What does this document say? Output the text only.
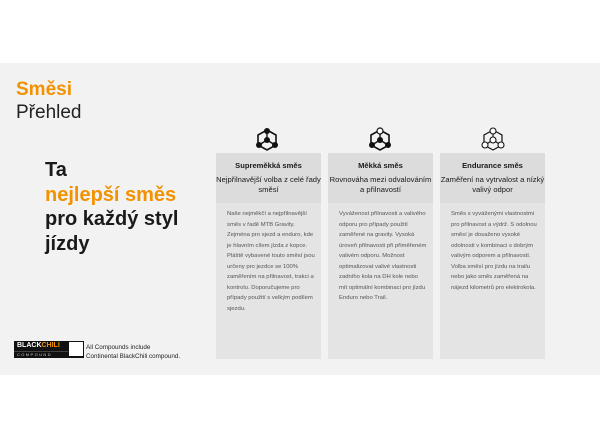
Směsi
Přehled
Ta
nejlepší směs
pro každý styl
jízdy
Supreměkká směs
Nejpřilnavější volba z celé řady směsí

Naše nejměkčí a nejpřilnavější směs v řadě MTB Gravity. Zejména pro sjezd a enduro, kde je hlavním cílem jízda z kopce. Pláště vybavené touto směsí jsou určeny pro jezdce se 100% zaměřením na přilnavost, trakci a kontrolu. Doporučujeme pro případy použití s velkým podílem sjezdu.

Měkká směs
Rovnováha mezi odvalováním a přilnavostí

Vyváženost přilnavosti a valivého odporu pro případy použití zaměřené na gravity. Vysoká úroveň přilnavosti při přiměřeném valivém odporu. Možnost optimalizovat valivé vlastnosti zadního kola na DH kole nebo mít optimální kombinaci pro jízdu Enduro nebo Trail.

Endurance směs
Zaměření na vytrvalost a nízký valivý odpor

Směs s vyváženými vlastnostmi pro přilnavost a výdrž. S odolnou směsí je dosaženo vysoké odolnosti v kombinaci s dobrým valivým odporem a přilnavostí. Volba směsí pro jízdu na trailu nebo jako směs zaměřená na nájezd kilometrů pro elektrokola.

BLACKCHILI
COMPOUND
All Compounds include
Continental BlackChili compound.
